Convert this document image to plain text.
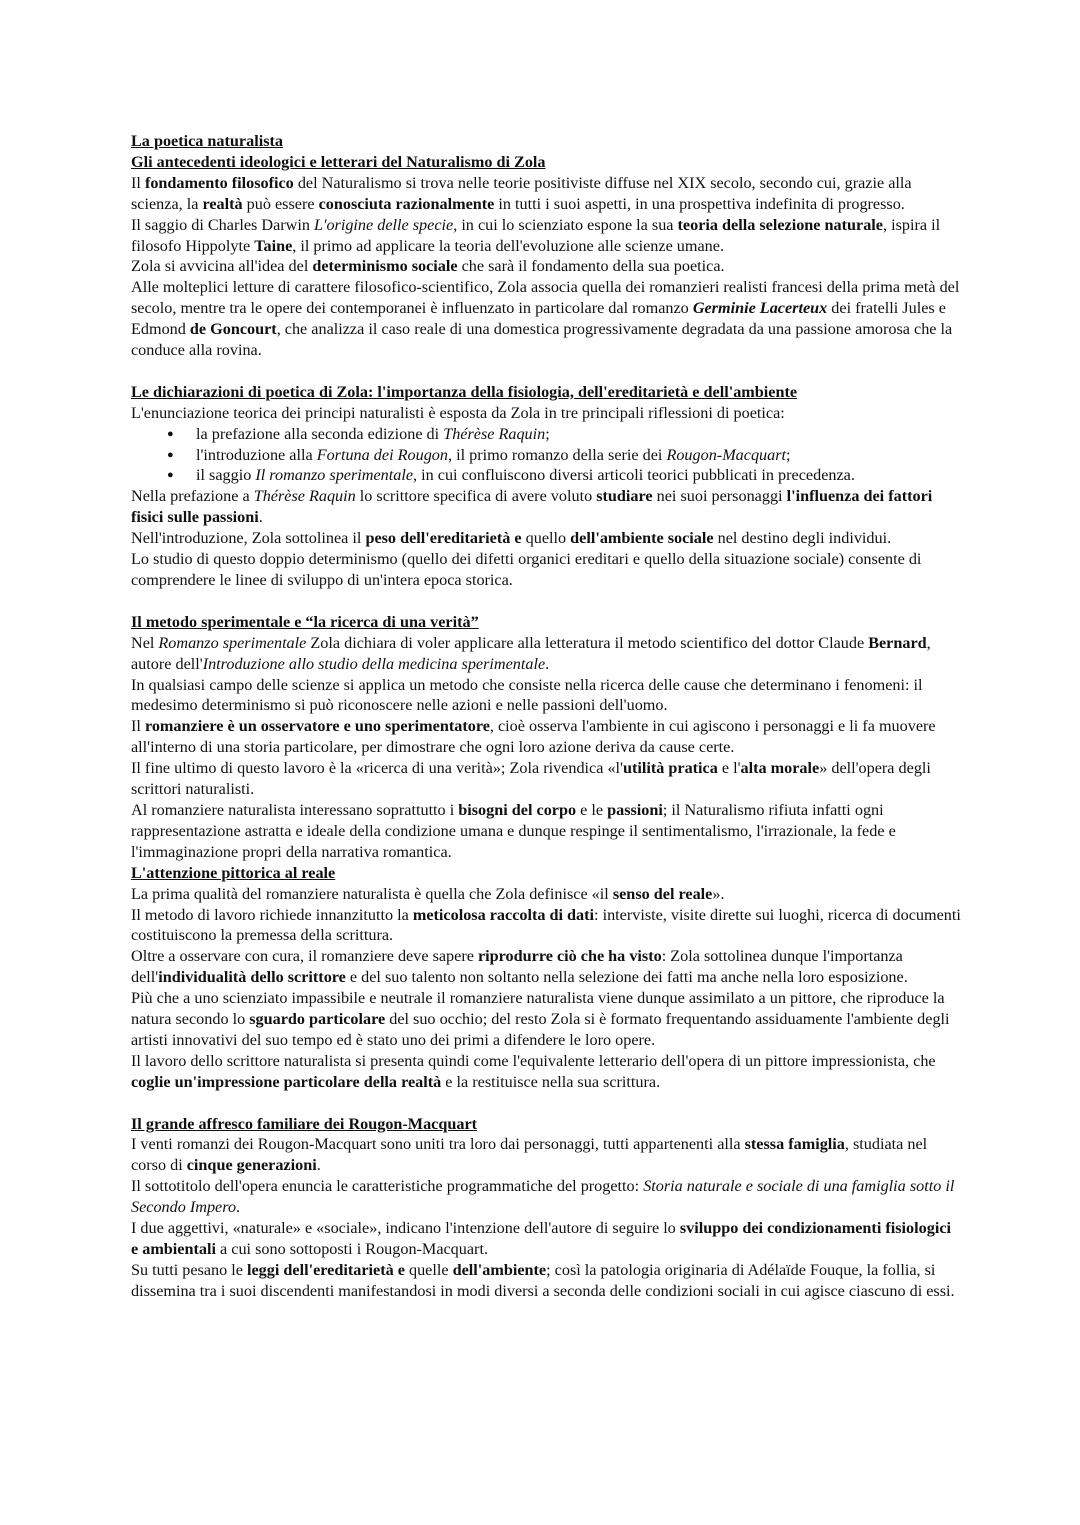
La poetica naturalista
Gli antecedenti ideologici e letterari del Naturalismo di Zola
Il fondamento filosofico del Naturalismo si trova nelle teorie positiviste diffuse nel XIX secolo, secondo cui, grazie alla scienza, la realtà può essere conosciuta razionalmente in tutti i suoi aspetti, in una prospettiva indefinita di progresso.
Il saggio di Charles Darwin L'origine delle specie, in cui lo scienziato espone la sua teoria della selezione naturale, ispira il filosofo Hippolyte Taine, il primo ad applicare la teoria dell'evoluzione alle scienze umane.
Zola si avvicina all'idea del determinismo sociale che sarà il fondamento della sua poetica.
Alle molteplici letture di carattere filosofico-scientifico, Zola associa quella dei romanzieri realisti francesi della prima metà del secolo, mentre tra le opere dei contemporanei è influenzato in particolare dal romanzo Germinie Lacerteux dei fratelli Jules e Edmond de Goncourt, che analizza il caso reale di una domestica progressivamente degradata da una passione amorosa che la conduce alla rovina.
Le dichiarazioni di poetica di Zola: l'importanza della fisiologia, dell'ereditarietà e dell'ambiente
L'enunciazione teorica dei principi naturalisti è esposta da Zola in tre principali riflessioni di poetica:
● la prefazione alla seconda edizione di Thérèse Raquin;
● l'introduzione alla Fortuna dei Rougon, il primo romanzo della serie dei Rougon-Macquart;
● il saggio Il romanzo sperimentale, in cui confluiscono diversi articoli teorici pubblicati in precedenza.
Nella prefazione a Thérèse Raquin lo scrittore specifica di avere voluto studiare nei suoi personaggi l'influenza dei fattori fisici sulle passioni.
Nell'introduzione, Zola sottolinea il peso dell'ereditarietà e quello dell'ambiente sociale nel destino degli individui.
Lo studio di questo doppio determinismo (quello dei difetti organici ereditari e quello della situazione sociale) consente di comprendere le linee di sviluppo di un'intera epoca storica.
Il metodo sperimentale e “la ricerca di una verità”
Nel Romanzo sperimentale Zola dichiara di voler applicare alla letteratura il metodo scientifico del dottor Claude Bernard, autore dell'Introduzione allo studio della medicina sperimentale.
In qualsiasi campo delle scienze si applica un metodo che consiste nella ricerca delle cause che determinano i fenomeni: il medesimo determinismo si può riconoscere nelle azioni e nelle passioni dell'uomo.
Il romanziere è un osservatore e uno sperimentatore, cioè osserva l'ambiente in cui agiscono i personaggi e li fa muovere all'interno di una storia particolare, per dimostrare che ogni loro azione deriva da cause certe.
Il fine ultimo di questo lavoro è la «ricerca di una verità»; Zola rivendica «l'utilità pratica e l'alta morale» dell'opera degli scrittori naturalisti.
Al romanziere naturalista interessano soprattutto i bisogni del corpo e le passioni; il Naturalismo rifiuta infatti ogni rappresentazione astratta e ideale della condizione umana e dunque respinge il sentimentalismo, l'irrazionale, la fede e l'immaginazione propri della narrativa romantica.
L'attenzione pittorica al reale
La prima qualità del romanziere naturalista è quella che Zola definisce «il senso del reale».
Il metodo di lavoro richiede innanzitutto la meticolosa raccolta di dati: interviste, visite dirette sui luoghi, ricerca di documenti costituiscono la premessa della scrittura.
Oltre a osservare con cura, il romanziere deve sapere riprodurre ciò che ha visto: Zola sottolinea dunque l'importanza dell'individualità dello scrittore e del suo talento non soltanto nella selezione dei fatti ma anche nella loro esposizione.
Più che a uno scienziato impassibile e neutrale il romanziere naturalista viene dunque assimilato a un pittore, che riproduce la natura secondo lo sguardo particolare del suo occhio; del resto Zola si è formato frequentando assiduamente l'ambiente degli artisti innovativi del suo tempo ed è stato uno dei primi a difendere le loro opere.
Il lavoro dello scrittore naturalista si presenta quindi come l'equivalente letterario dell'opera di un pittore impressionista, che coglie un'impressione particolare della realtà e la restituisce nella sua scrittura.
Il grande affresco familiare dei Rougon-Macquart
I venti romanzi dei Rougon-Macquart sono uniti tra loro dai personaggi, tutti appartenenti alla stessa famiglia, studiata nel corso di cinque generazioni.
Il sottotitolo dell'opera enuncia le caratteristiche programmatiche del progetto: Storia naturale e sociale di una famiglia sotto il Secondo Impero.
I due aggettivi, «naturale» e «sociale», indicano l'intenzione dell'autore di seguire lo sviluppo dei condizionamenti fisiologici e ambientali a cui sono sottoposti i Rougon-Macquart.
Su tutti pesano le leggi dell'ereditarietà e quelle dell'ambiente; così la patologia originaria di Adélaïde Fouque, la follia, si dissemina tra i suoi discendenti manifestandosi in modi diversi a seconda delle condizioni sociali in cui agisce ciascuno di essi.
